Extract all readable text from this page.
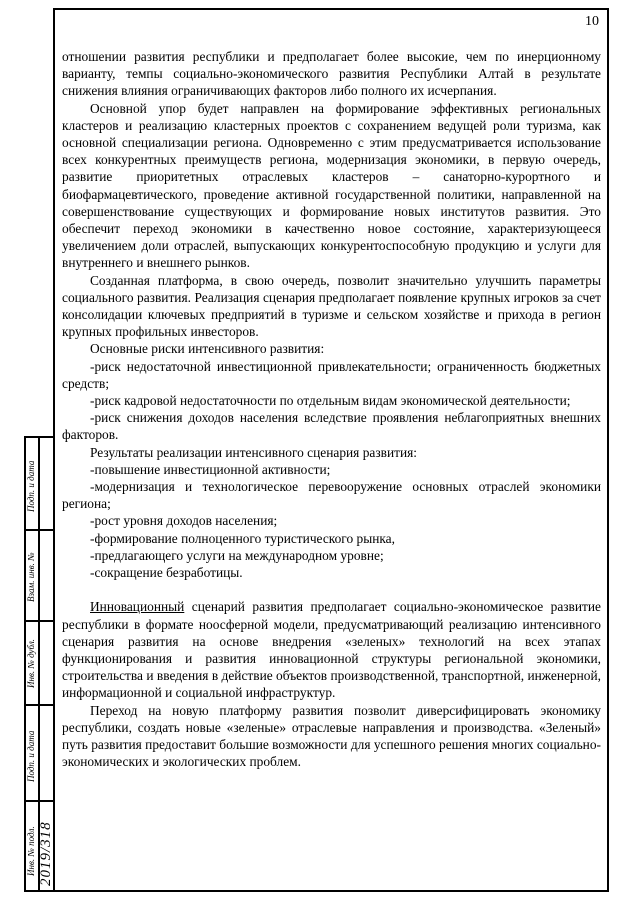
10

отношении развития республики и предполагает более высокие, чем по инерционному варианту, темпы социально-экономического развития Республики Алтай в результате снижения влияния ограничивающих факторов либо полного их исчерпания.

Основной упор будет направлен на формирование эффективных региональных кластеров и реализацию кластерных проектов с сохранением ведущей роли туризма, как основной специализации региона. Одновременно с этим предусматривается использование всех конкурентных преимуществ региона, модернизация экономики, в первую очередь, развитие приоритетных отраслевых кластеров – санаторно-курортного и биофармацевтического, проведение активной государственной политики, направленной на совершенствование существующих и формирование новых институтов развития. Это обеспечит переход экономики в качественно новое состояние, характеризующееся увеличением доли отраслей, выпускающих конкурентоспособную продукцию и услуги для внутреннего и внешнего рынков.

Созданная платформа, в свою очередь, позволит значительно улучшить параметры социального развития. Реализация сценария предполагает появление крупных игроков за счет консолидации ключевых предприятий в туризме и сельском хозяйстве и прихода в регион крупных профильных инвесторов.

Основные риски интенсивного развития:

-риск недостаточной инвестиционной привлекательности; ограниченность бюджетных средств;

-риск кадровой недостаточности по отдельным видам экономической деятельности;

-риск снижения доходов населения вследствие проявления неблагоприятных внешних факторов.

Результаты реализации интенсивного сценария развития:

-повышение инвестиционной активности;

-модернизация и технологическое перевооружение основных отраслей экономики региона;

-рост уровня доходов населения;

-формирование полноценного туристического рынка,

-предлагающего услуги на международном уровне;

-сокращение безработицы.

Инновационный сценарий развития предполагает социально-экономическое развитие республики в формате ноосферной модели, предусматривающий реализацию интенсивного сценария развития на основе внедрения «зеленых» технологий на всех этапах функционирования и развития инновационной структуры региональной экономики, строительства и введения в действие объектов производственной, транспортной, инженерной, информационной и социальной инфраструктур.

Переход на новую платформу развития позволит диверсифицировать экономику республики, создать новые «зеленые» отраслевые направления и производства. «Зеленый» путь развития предоставит большие возможности для успешного решения многих социально-экономических и экологических проблем.

Подп. и дата
Взам. инв. №
Инв. № дубл.
Подп. и дата
Инв. № подл. 2019/318
